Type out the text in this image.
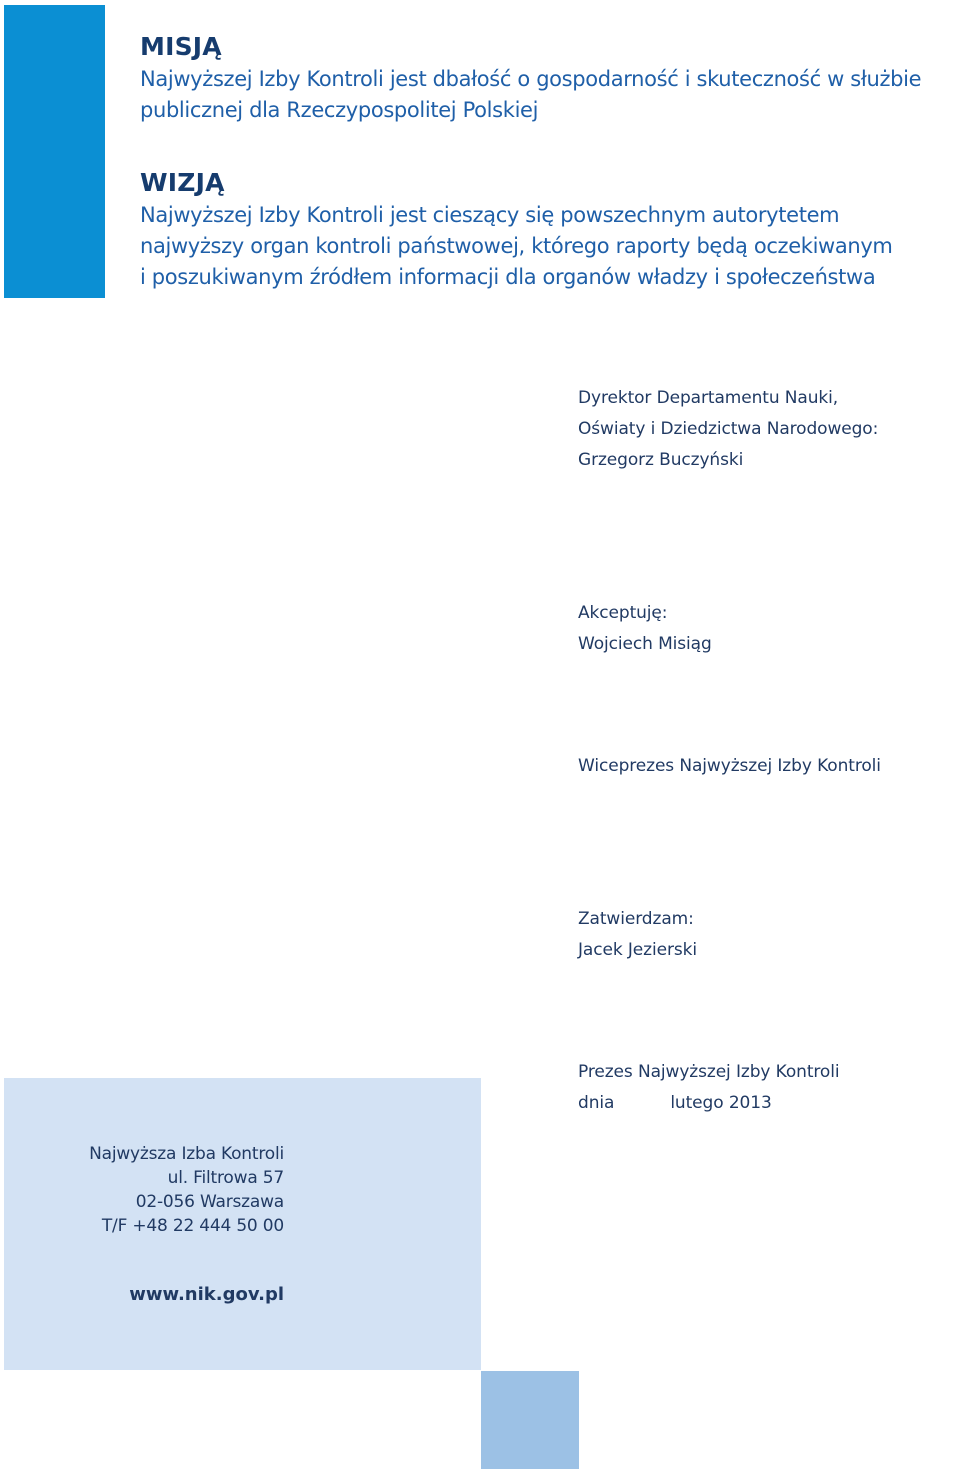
MISJĄ
Najwyższej Izby Kontroli jest dbałość o gospodarność i skuteczność w służbie
publicznej dla Rzeczypospolitej Polskiej
WIZJĄ
Najwyższej Izby Kontroli jest cieszący się powszechnym autorytetem
najwyższy organ kontroli państwowej, którego raporty będą oczekiwanym
i poszukiwanym źródłem informacji dla organów władzy i społeczeństwa
Dyrektor Departamentu Nauki,
Oświaty i Dziedzictwa Narodowego:
Grzegorz Buczyński
Akceptuję:
Wojciech Misiąg
Wiceprezes Najwyższej Izby Kontroli
Zatwierdzam:
Jacek Jezierski
Prezes Najwyższej Izby Kontroli
dnia	lutego 2013
Najwyższa Izba Kontroli
ul. Filtrowa 57
02-056 Warszawa
T/F +48 22 444 50 00
www.nik.gov.pl
